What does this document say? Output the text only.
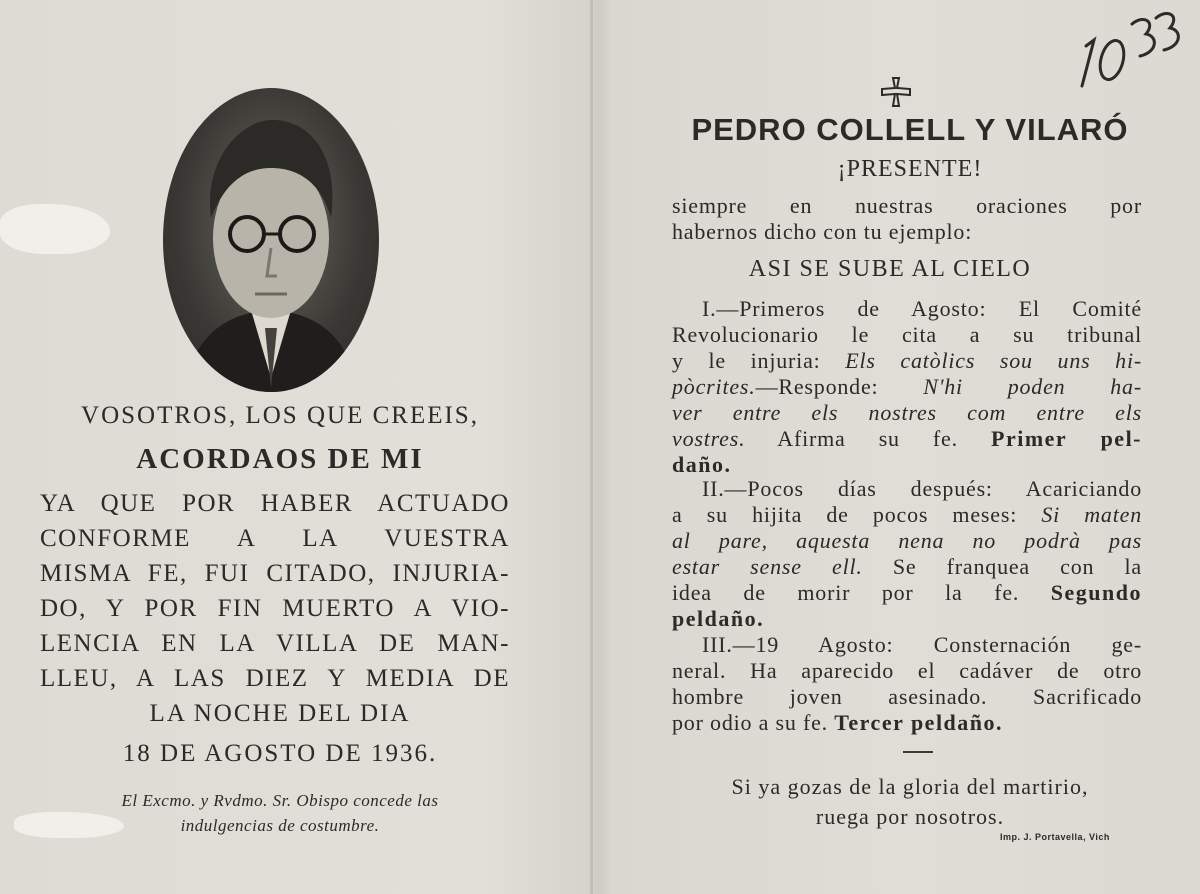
VOSOTROS, LOS QUE CREEIS,
ACORDAOS DE MI
YA QUE POR HABER ACTUADO
CONFORME A LA VUESTRA
MISMA FE, FUI CITADO, INJURIA-
DO, Y POR FIN MUERTO A VIO-
LENCIA EN LA VILLA DE MAN-
LLEU, A LAS DIEZ Y MEDIA DE
LA NOCHE DEL DIA
18 DE AGOSTO DE 1936.
El Excmo. y Rvdmo. Sr. Obispo concede las
indulgencias de costumbre.
PEDRO COLLELL Y VILARÓ
¡PRESENTE!
siempre en nuestras oraciones por
habernos dicho con tu ejemplo:
ASI SE SUBE AL CIELO
I.—Primeros de Agosto: El Comité
Revolucionario le cita a su tribunal
y le injuria: Els catòlics sou uns hi-
pòcrites.—Responde: N'hi poden ha-
ver entre els nostres com entre els
vostres. Afirma su fe. Primer pel-
daño.
II.—Pocos días después: Acariciando
a su hijita de pocos meses: Si maten
al pare, aquesta nena no podrà pas
estar sense ell. Se franquea con la
idea de morir por la fe. Segundo
peldaño.
III.—19 Agosto: Consternación ge-
neral. Ha aparecido el cadáver de otro
hombre joven asesinado. Sacrificado
por odio a su fe. Tercer peldaño.
Si ya gozas de la gloria del martirio,
ruega por nosotros.
Imp. J. Portavella, Vich
